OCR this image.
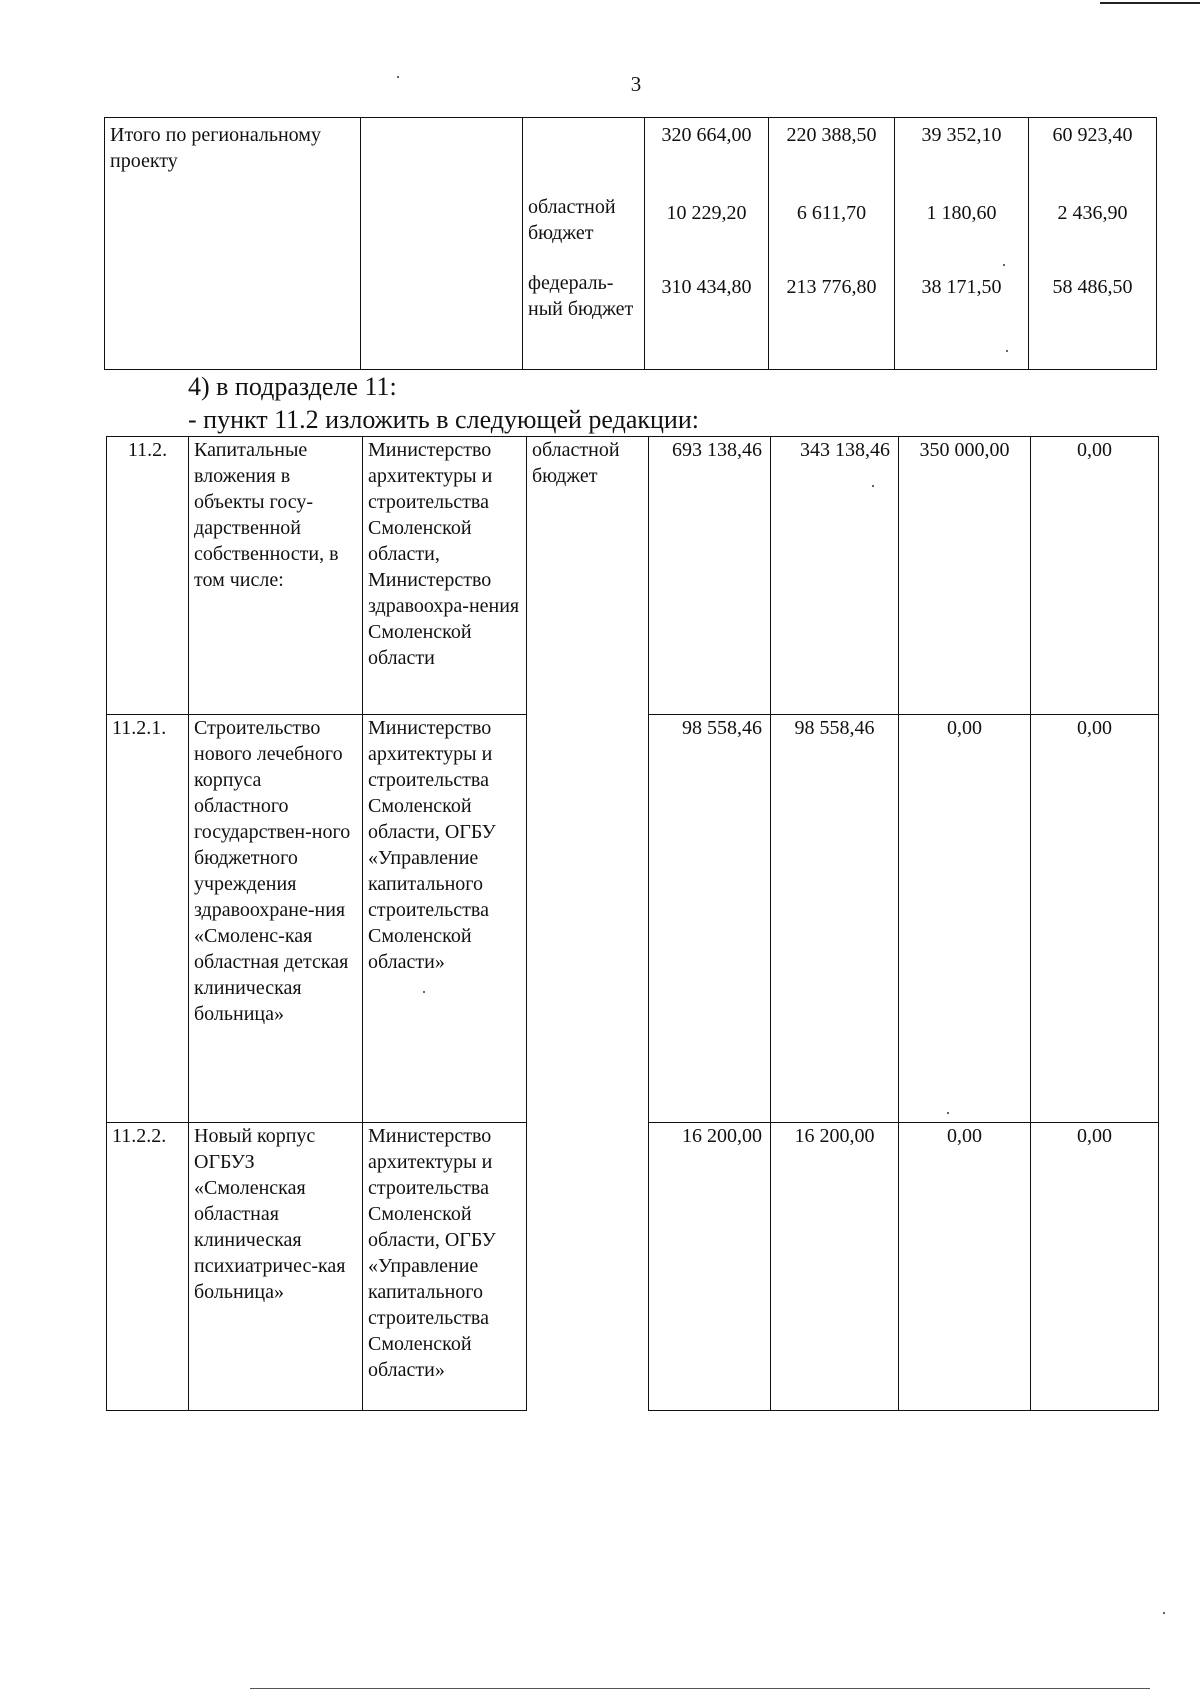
3
Итого по региональному проекту			320 664,00	220 388,50	39 352,10	60 923,40
		областной бюджет	10 229,20	6 611,70	1 180,60	2 436,90
		федераль-ный бюджет	310 434,80	213 776,80	38 171,50	58 486,50
4) в подразделе 11:
- пункт 11.2 изложить в следующей редакции:
11.2.	Капитальные вложения в объекты госу-дарственной собственности, в том числе:	Министерство архитектуры и строительства Смоленской области, Министерство здравоохра-нения Смоленской области	областной бюджет	693 138,46	343 138,46	350 000,00	0,00
11.2.1.	Строительство нового лечебного корпуса областного государствен-ного бюджетного учреждения здравоохране-ния «Смоленс-кая областная детская клиническая больница»	Министерство архитектуры и строительства Смоленской области, ОГБУ «Управление капитального строительства Смоленской области»		98 558,46	98 558,46	0,00	0,00
11.2.2.	Новый корпус ОГБУЗ «Смоленская областная клиническая психиатричес-кая больница»	Министерство архитектуры и строительства Смоленской области, ОГБУ «Управление капитального строительства Смоленской области»		16 200,00	16 200,00	0,00	0,00
